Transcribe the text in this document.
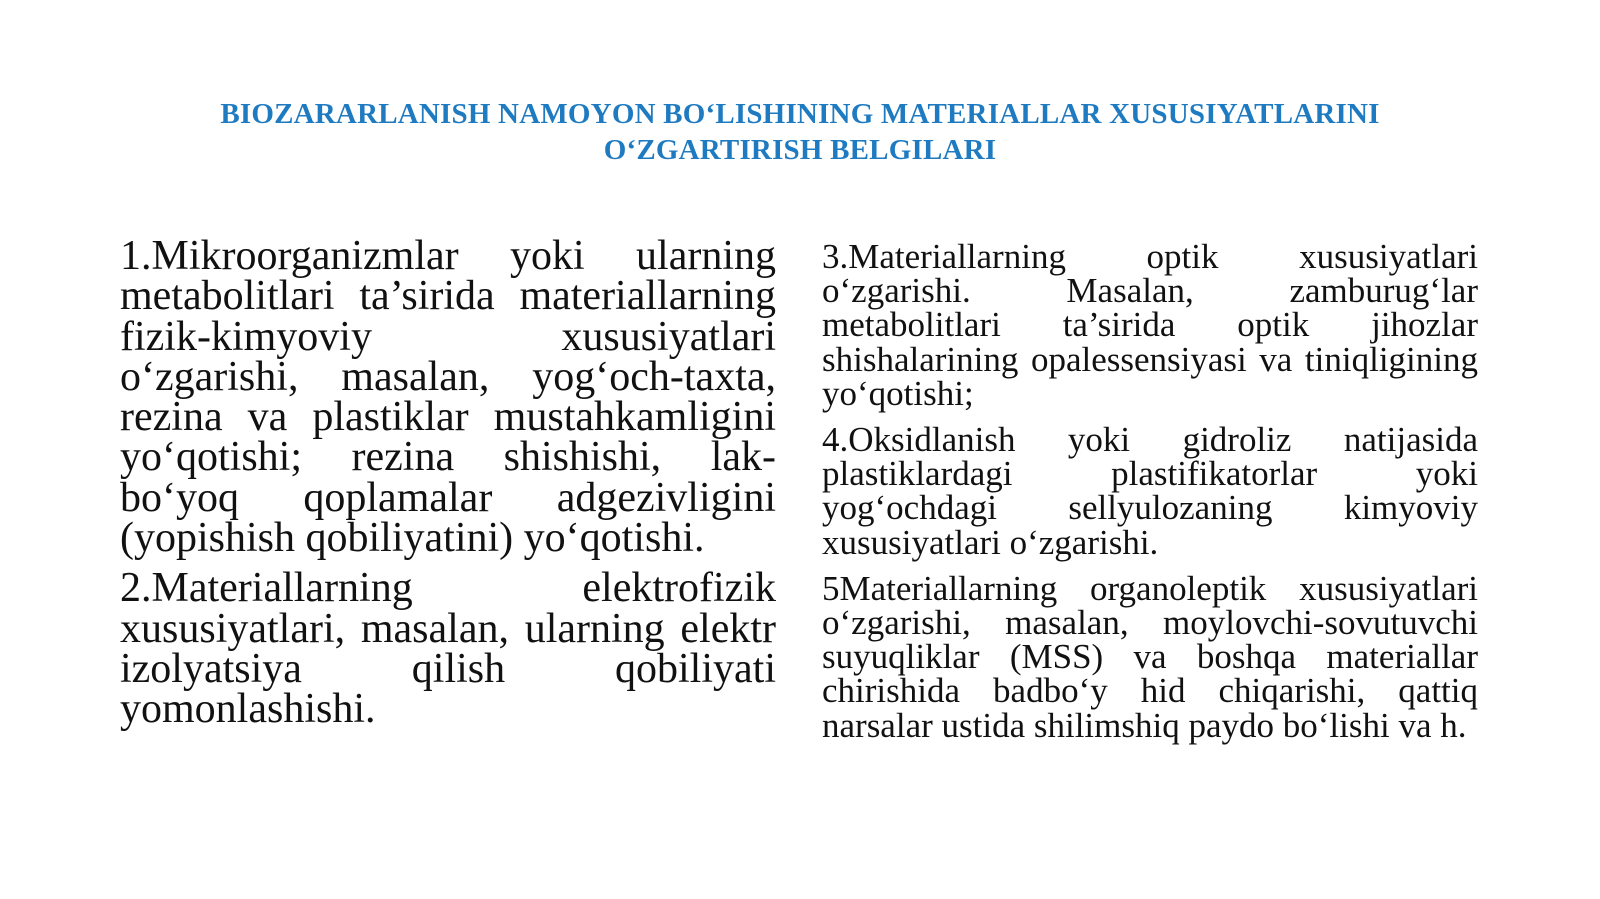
BIOZARARLANISH NAMOYON BO‘LISHINING MATERIALLAR XUSUSIYATLARINI
O‘ZGARTIRISH BELGILARI

1.Mikroorganizmlar yoki ularning metabolitlari ta’sirida materiallarning fizik-kimyoviy xususiyatlari o‘zgarishi, masalan, yog‘och-taxta, rezina va plastiklar mustahkamligini yo‘qotishi; rezina shishishi, lak-bo‘yoq qoplamalar adgezivligini (yopishish qobiliyatini) yo‘qotishi.

2.Materiallarning elektrofizik xususiyatlari, masalan, ularning elektr izolyatsiya qilish qobiliyati yomonlashishi.

3.Materiallarning optik xususiyatlari o‘zgarishi. Masalan, zamburug‘lar metabolitlari ta’sirida optik jihozlar shishalarining opalessensiyasi va tiniqligining yo‘qotishi;

4.Oksidlanish yoki gidroliz natijasida plastiklardagi plastifikatorlar yoki yog‘ochdagi sellyulozaning kimyoviy xususiyatlari o‘zgarishi.

5Materiallarning organoleptik xususiyatlari o‘zgarishi, masalan, moylovchi-sovutuvchi suyuqliklar (MSS) va boshqa materiallar chirishida badbo‘y hid chiqarishi, qattiq narsalar ustida shilimshiq paydo bo‘lishi va h.
